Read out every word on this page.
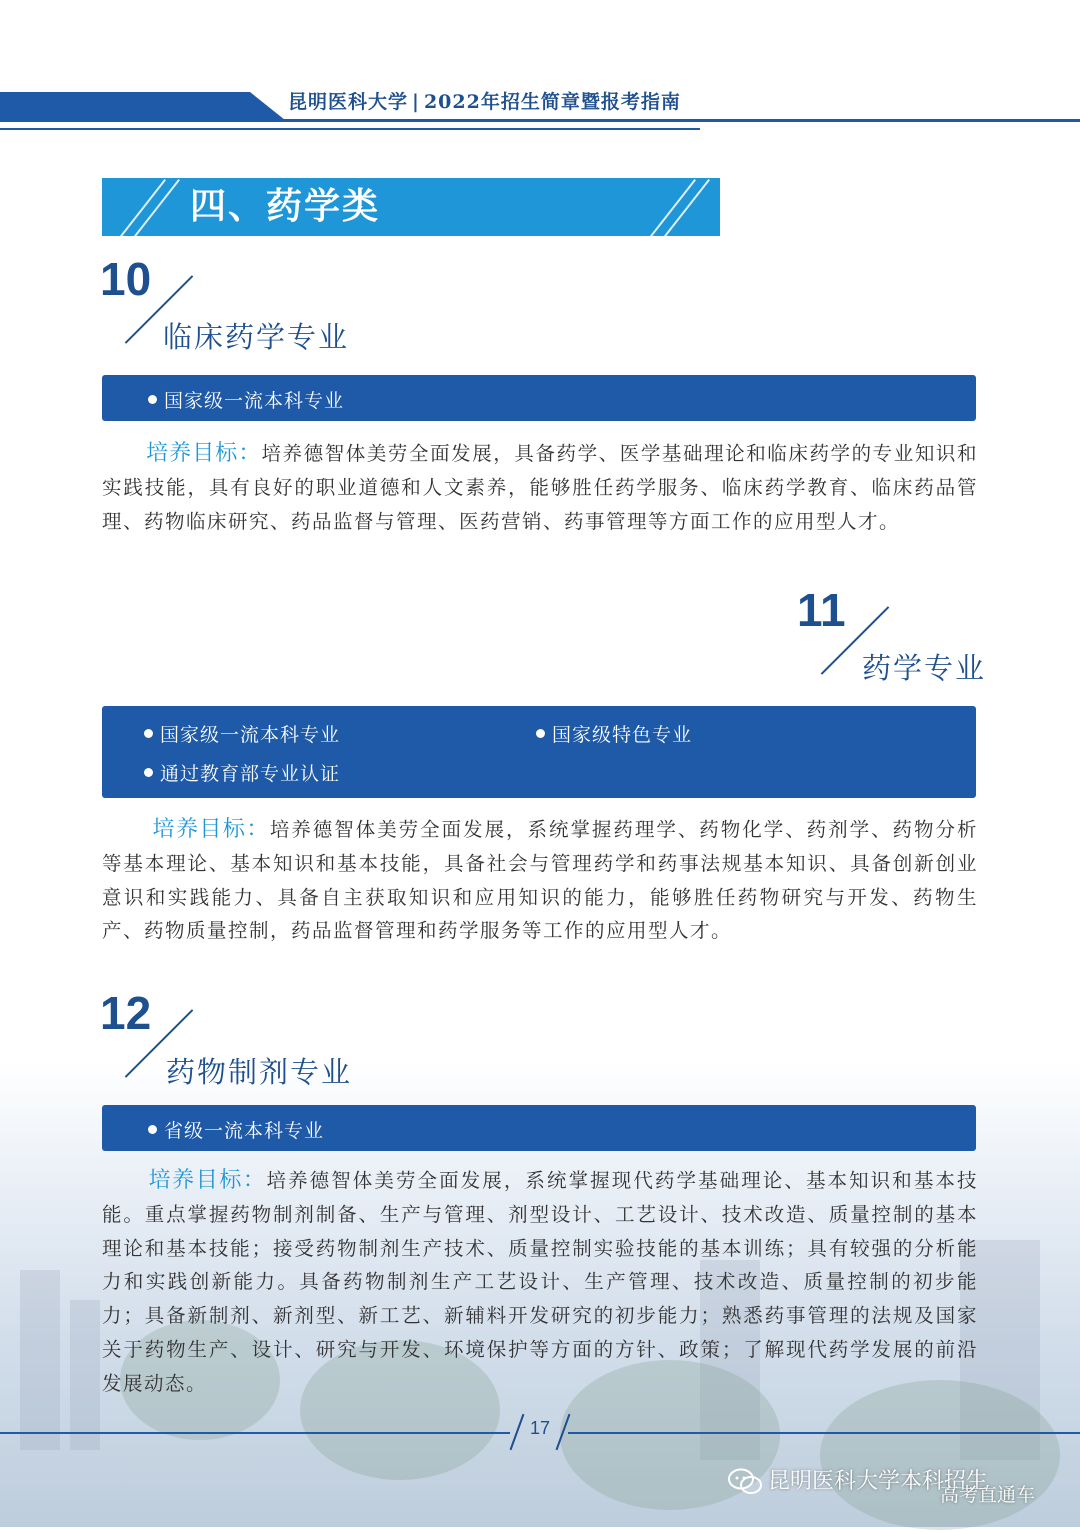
昆明医科大学 | 2022年招生简章暨报考指南
四、药学类
10
临床药学专业
国家级一流本科专业
培养目标：培养德智体美劳全面发展，具备药学、医学基础理论和临床药学的专业知识和实践技能，具有良好的职业道德和人文素养，能够胜任药学服务、临床药学教育、临床药品管理、药物临床研究、药品监督与管理、医药营销、药事管理等方面工作的应用型人才。
11
药学专业
国家级一流本科专业	国家级特色专业
通过教育部专业认证
培养目标：培养德智体美劳全面发展，系统掌握药理学、药物化学、药剂学、药物分析等基本理论、基本知识和基本技能，具备社会与管理药学和药事法规基本知识、具备创新创业意识和实践能力、具备自主获取知识和应用知识的能力，能够胜任药物研究与开发、药物生产、药物质量控制，药品监督管理和药学服务等工作的应用型人才。
12
药物制剂专业
省级一流本科专业
培养目标：培养德智体美劳全面发展，系统掌握现代药学基础理论、基本知识和基本技能。重点掌握药物制剂制备、生产与管理、剂型设计、工艺设计、技术改造、质量控制的基本理论和基本技能；接受药物制剂生产技术、质量控制实验技能的基本训练；具有较强的分析能力和实践创新能力。具备药物制剂生产工艺设计、生产管理、技术改造、质量控制的初步能力；具备新制剂、新剂型、新工艺、新辅料开发研究的初步能力；熟悉药事管理的法规及国家关于药物生产、设计、研究与开发、环境保护等方面的方针、政策；了解现代药学发展的前沿发展动态。
17
昆明医科大学本科招生
高考直通车
